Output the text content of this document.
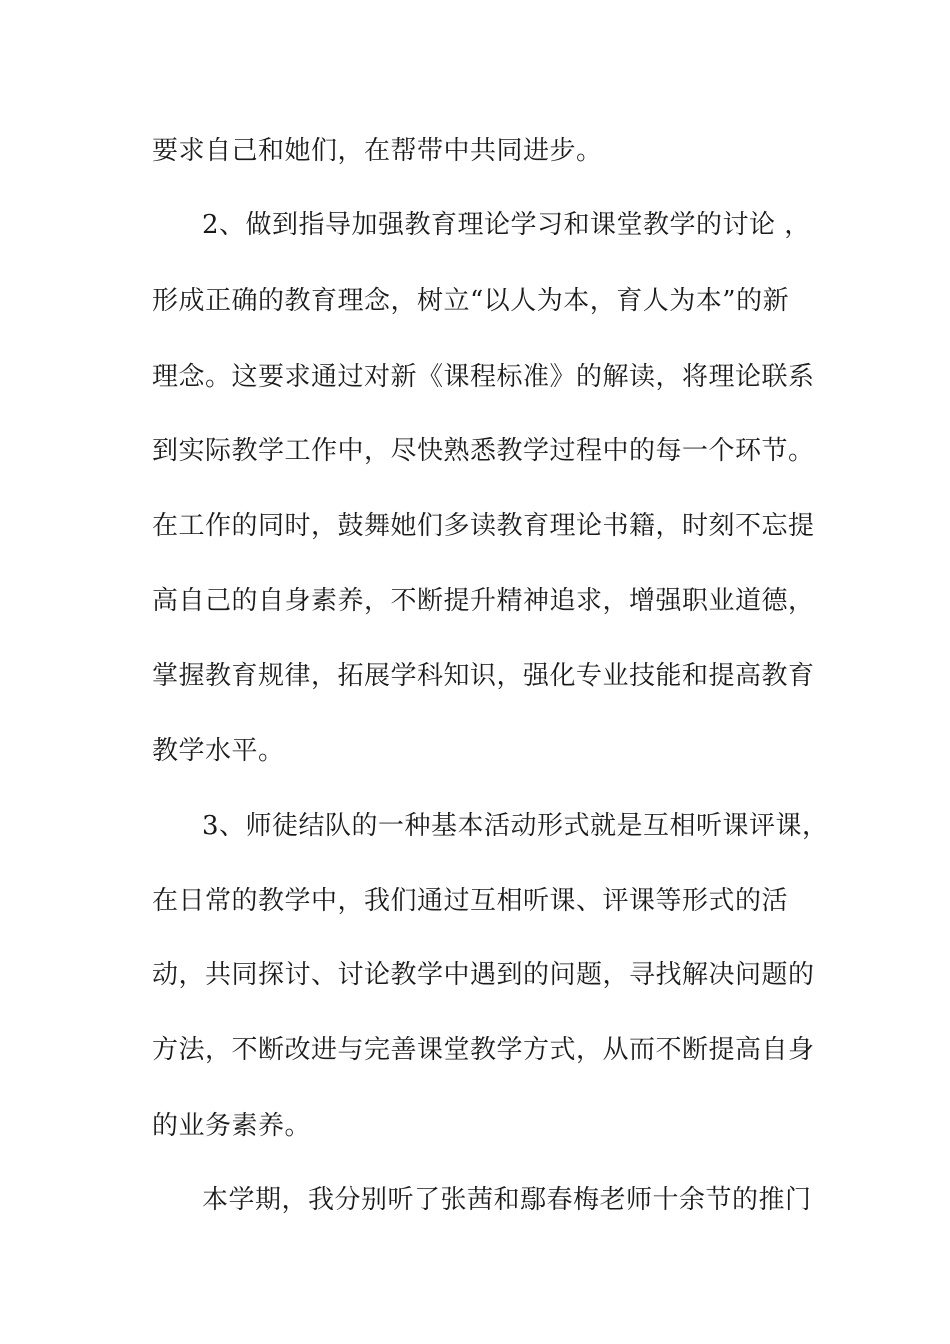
要求自己和她们，在帮带中共同进步。
2、做到指导加强教育理论学习和课堂教学的讨论 ，
形成正确的教育理念，树立“以人为本，育人为本”的新
理念。这要求通过对新《课程标准》的解读，将理论联系
到实际教学工作中，尽快熟悉教学过程中的每一个环节。
在工作的同时，鼓舞她们多读教育理论书籍，时刻不忘提
高自己的自身素养，不断提升精神追求，增强职业道德，
掌握教育规律，拓展学科知识，强化专业技能和提高教育
教学水平。
3、师徒结队的一种基本活动形式就是互相听课评课，
在日常的教学中，我们通过互相听课、评课等形式的活
动，共同探讨、讨论教学中遇到的问题，寻找解决问题的
方法，不断改进与完善课堂教学方式，从而不断提高自身
的业务素养。
本学期，我分别听了张茜和鄢春梅老师十余节的推门
